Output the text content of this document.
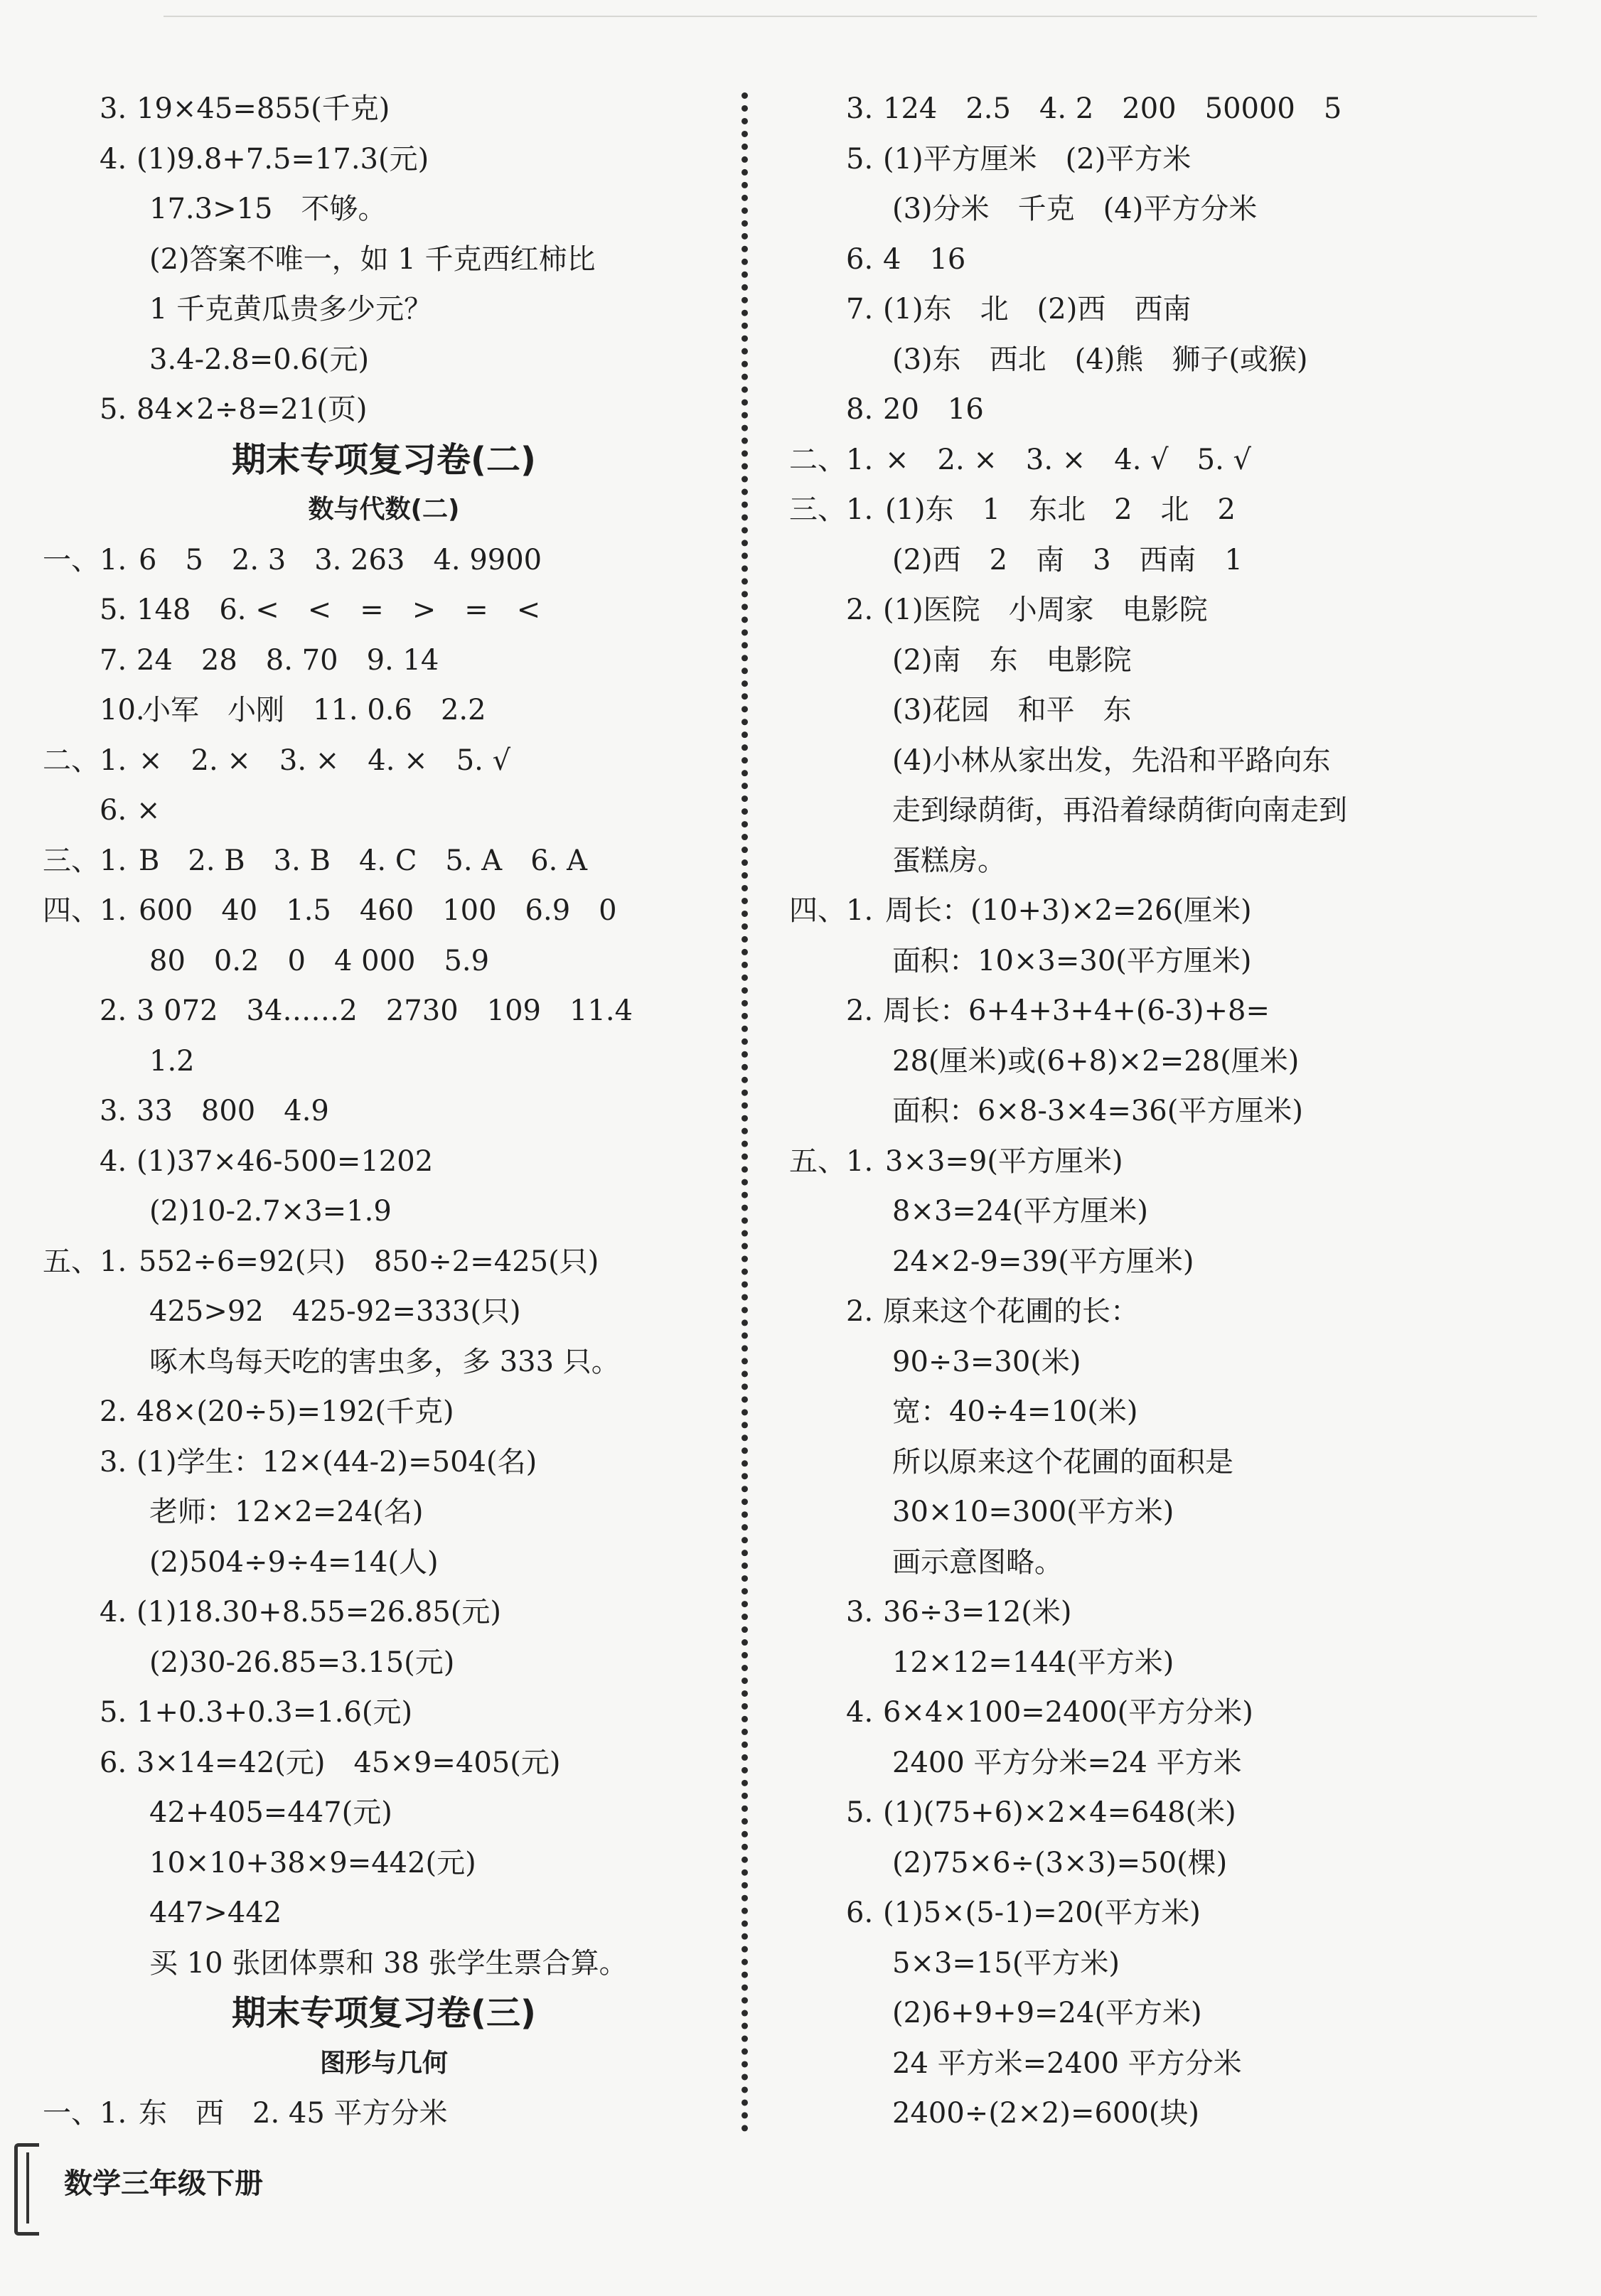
3. 19×45=855(千克)
4. (1)9.8+7.5=17.3(元)
17.3>15　不够。
(2)答案不唯一，如 1 千克西红柿比
1 千克黄瓜贵多少元？
3.4-2.8=0.6(元)
5. 84×2÷8=21(页)
期末专项复习卷(二)
数与代数(二)
一、1. 6　5　2. 3　3. 263　4. 9900
5. 148　6. <　<　=　>　=　<
7. 24　28　8. 70　9. 14
10.
小军　小刚　11. 0.6　2.2
二、1. ×　2. ×　3. ×　4. ×　5. √
6. ×
三、1. B　2. B　3. B　4. C　5. A　6. A
四、1. 600　40　1.5　460　100　6.9　0
80　0.2　0　4 000　5.9
2. 3 072　34……2　2730　109　11.4
1.2
3. 33　800　4.9
4. (1)37×46-500=1202
(2)10-2.7×3=1.9
五、1. 552÷6=92(只)　850÷2=425(只)
425>92　425-92=333(只)
啄木鸟每天吃的害虫多，多 333 只。
2. 48×(20÷5)=192(千克)
3. (1)学生：12×(44-2)=504(名)
老师：12×2=24(名)
(2)504÷9÷4=14(人)
4. (1)18.30+8.55=26.85(元)
(2)30-26.85=3.15(元)
5. 1+0.3+0.3=1.6(元)
6. 3×14=42(元)　45×9=405(元)
42+405=447(元)
10×10+38×9=442(元)
447>442
买 10 张团体票和 38 张学生票合算。
期末专项复习卷(三)
图形与几何
一、1. 东　西　2. 45 平方分米
3. 124　2.5　4. 2　200　50000　5
5. (1)平方厘米　(2)平方米
(3)分米　千克　(4)平方分米
6. 4　16
7. (1)东　北　(2)西　西南
(3)东　西北　(4)熊　狮子(或猴)
8. 20　16
二、1. ×　2. ×　3. ×　4. √　5. √
三、1. (1)东　1　东北　2　北　2
(2)西　2　南　3　西南　1
2. (1)医院　小周家　电影院
(2)南　东　电影院
(3)花园　和平　东
(4)小林从家出发，先沿和平路向东
走到绿荫街，再沿着绿荫街向南走到
蛋糕房。
四、1. 周长：(10+3)×2=26(厘米)
面积：10×3=30(平方厘米)
2. 周长：6+4+3+4+(6-3)+8=
28(厘米)或(6+8)×2=28(厘米)
面积：6×8-3×4=36(平方厘米)
五、1. 3×3=9(平方厘米)
8×3=24(平方厘米)
24×2-9=39(平方厘米)
2. 原来这个花圃的长：
90÷3=30(米)
宽：40÷4=10(米)
所以原来这个花圃的面积是
30×10=300(平方米)
画示意图略。
3. 36÷3=12(米)
12×12=144(平方米)
4. 6×4×100=2400(平方分米)
2400 平方分米=24 平方米
5. (1)(75+6)×2×4=648(米)
(2)75×6÷(3×3)=50(棵)
6. (1)5×(5-1)=20(平方米)
5×3=15(平方米)
(2)6+9+9=24(平方米)
24 平方米=2400 平方分米
2400÷(2×2)=600(块)
数学三年级下册
